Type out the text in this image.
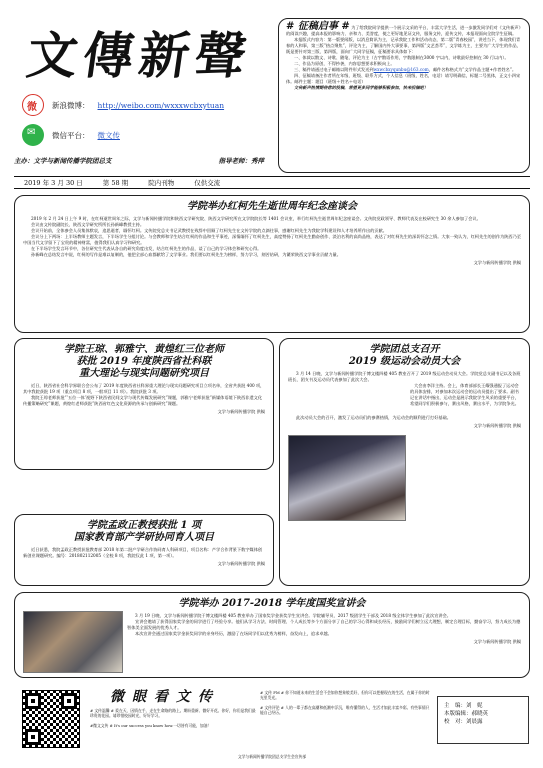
文傳新聲
微
新浪微博： http://weibo.com/wxxxwcbxytuan
✉
微信平台： 微文传
主办：文学与新闻传播学院团总支	指导老师：秀萍

# 征稿启事 # 为了给我院同学提供一个展示文采的平台，丰富大学生活，进一步激发同学们对《文传新声》的阅读兴趣，提高本报的影响力、亲和力、美誉度，使之更好地见证文传，服务文传，迎传文传，本报现面向全院学生征稿。

本报版式内容为：第一版要闻版，以消息简讯为主，记录我院工作和活动动态，第二版“青春校园”，讲述当下，体现我们青春的人和事，第三版“热点聚焦”，评论为主，了解国内外大事要事，第四版“文艺荟萃”，文学练为主，主要为广大学生的作品，既是要针对第三版、第四版，面向广大同学征稿，征稿要求具体如下：

一、体裁以散文、诗歌、随笔、评论为主（古宇散语作用，字数限制在3000 字以内，诗歌最好控制在 30 行以内）。

二、作品为原创，不得抄袭，内容思想要求积极向上。

三、稿件请通过电子邮箱以附件形式发送到wxwcbxyqunbu@163.com，邮件名称格式为“文学作品主题+作者姓名”。

四、征稿请备注作者所在年级、班级、联系方式，个人信息（班级，姓名，电话）请写明确信，标题二号黑体，正文小四宋体。邮件主题：题目（班级＋姓名＋电话）

文传新声热情期待您的投稿，希望更多同学能够积极参加，快来投稿吧！

2019 年 3 月 30 日	第 58 期	院内刊物	仅供交流
学院举办红柯先生逝世周年纪念座谈会

2019 年 2 月 24 日上午 9 时，在红柯逝世周年之际，文学与新闻传播学院和陕西文学研究院、陕西文学研究所在文学院院长等 1401 会议室，举行红柯先生逝世周年纪念座谈会。文传院党政领导、教师代表及在校研究生 30 余人参加了会议。

会议由文传院副院长、陕西文学研究所所长孙新峰教授主持。

会议开始前，全体参会人员集体默哀，追思逝者，缅怀红柯。文传院党总支书记武教授在致辞中回顾了红柯先生在文传学院的点滴往事，感谢红柯先生为我院学科建设和人才培养所作出的贡献。

会议分上下两场：上半场教师主题发言，下半场学生分组讨论。与会教师和学生结合红柯的作品和生平事迹，深情缅怀了红柯先生，高度赞扬了红柯先生勤奋创作、淡泊名利的高尚品格，表达了对红柯先生的深切怀念之情。大家一致认为，红柯先生的创作为陕西乃至中国当代文学留下了宝贵的精神财富，值得我们认真学习和研究。

在下半场学生发言环节中，各位研究生代表从各自的研究角度出发，结合红柯先生的作品，谈了自己的学习体会和研究心得。

孙新峰在总结发言中说，红柯的写作是难以复制的，他把全部心血都献给了文学事业。我们要以红柯先生为榜样，努力学习，刻苦钻研，为繁荣陕西文学事业贡献力量。

文学与新闻传播学院 供稿
学院王琼、郭雅宁、黄煌红三位老师
获批 2019 年度陕西省社科联
重大理论与现实问题研究项目

近日，陕西省社会科学界联合会公布了 2019 年度陕西省社科界重大理论与现实问题研究项目立项名单，全省共获批 400 项，其中我院获批 19 项（重点项目 8 项，一般项目 11 项）。我院获批 3 项。

我院王琼老师获批“‘五位一体’视野下陕西省民间文学与现代传媒发展研究”课题，郭雅宁老师获批“新媒体语境下陕西非遗文化传播策略研究”课题，黄煌红老师获批“陕西省红色文化资源的传承与创新研究”课题。

文学与新闻传播学院 供稿
学院团总支召开
2019 级运动会动员大会

3 月 14 日晚，文学与新闻传播学院于博文楼四楼 405 教室召开了 2019 级运动会动员大会。学院党总支副书记以及各班班长、团支书及运动员代表参加了此次大会。

大会由李洋主持。会上，体育部部长王耀强通报了运动会的具体安排，对参加本次运动会的运动员提出了要求。副书记在讲话中指出，运动会是展示我院学生风采的重要平台，希望同学们积极参与，赛出风格，赛出水平，为学院争光。

此次动员大会的召开，激发了运动员们的参赛热情，为运动会的顺利进行打好基础。

文学与新闻传播学院 供稿
学院孟政正教授获批 1 项
国家教育部产学研协同育人项目

近日获悉，我院孟政正教授获批教育部 2018 年第二批产学研合作协同育人科研项目，项目名称：产学合作背景下数字媒体创新创业课题研究。编号：201802112005（全校 8 项，我院仅此 1 项，第一项）。

文学与新闻传播学院 供稿
学院举办 2017-2018 学年度国奖宣讲会

3 月 19 日晚，文学与新闻传播学院于博文楼四楼 405 教室举办了国家奖学金获奖学生宣讲会。学院辅导员、2017 级团学生干部及 2018 级全体学生参加了此次宣讲会。

宣讲会邀请了获得国家奖学金的同学进行了经验分享。他们从学习方法、时间管理、个人成长等多个方面分享了自己的学习心得和成长经历，鼓励同学们树立远大理想，制定合理目标，勤奋学习，努力成长为德智体美全面发展的优秀人才。

本次宣讲会通过国家奖学金获奖同学的亲身经历，激励了在场同学们以优秀为榜样，奋发向上，追求卓越。

文学与新闻传播学院 供稿
微眼看文传

# 文传温馨 # 爱在天，因情在手，走在生命路的路上。期盼重新、微好开花。你好，你们是我们最珍贵的花园。请珍惜校园时光，好好学习。

#微文文传 # It's our success you know how.一切皆有可能，加油！

# 文传 FM # 你不知道未来的生活会不会如你想象般美好，但你可以把握现在的生活，在属于你的时光里发光。

# 文传评论 # 人的一辈子都在高潮和低潮中浮沉，唯有懂得的人，生活才如此丰富多彩。有些事情只能自己经历。

主　编：刘　妮
本版编辑：郝晓英
校　对：刘晨露
文学与新闻传播学院团总支学生会宣传部
